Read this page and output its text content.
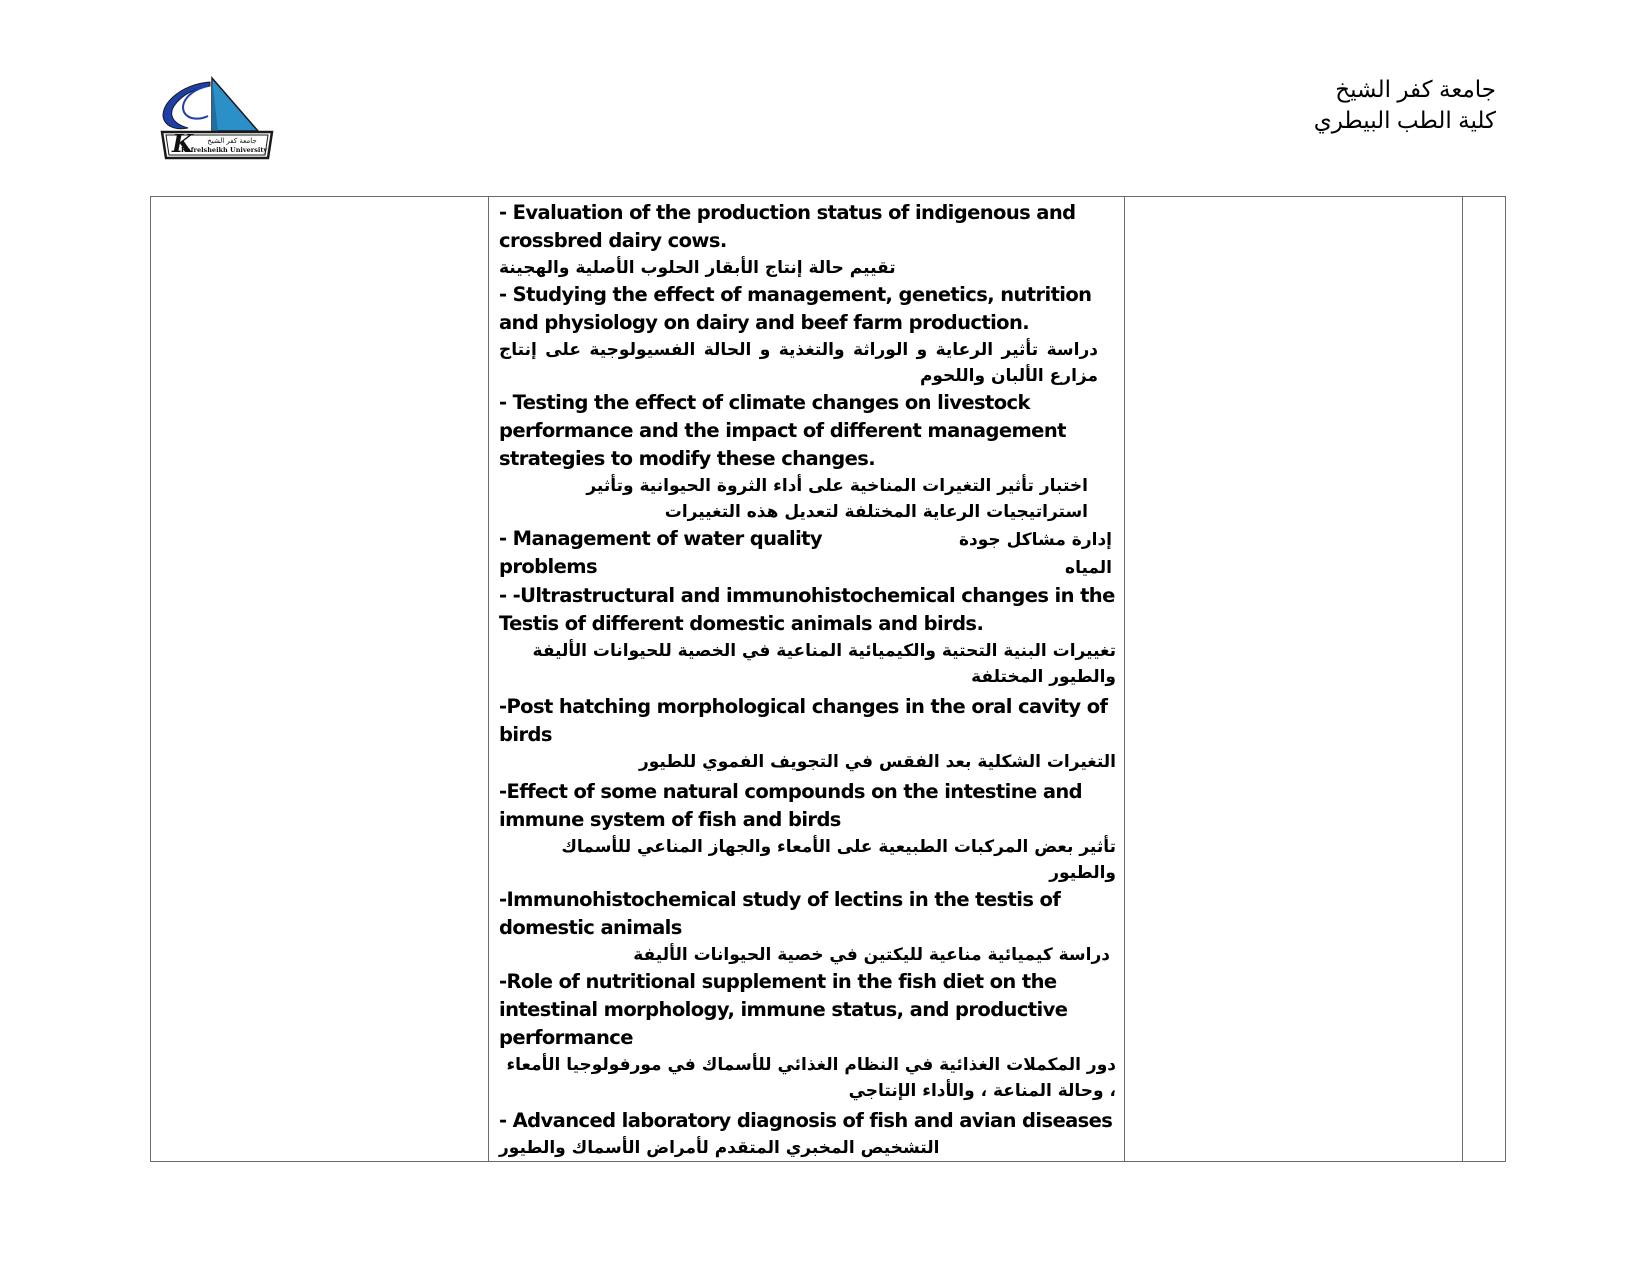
K جامعة كفر الشيخ
Kafrelsheikh University
جامعة كفر الشيخ
كلية الطب البيطري

- Evaluation of the production status of indigenous and crossbred dairy cows.

تقييم حالة إنتاج الأبقار الحلوب الأصلية والهجينة

- Studying the effect of management, genetics, nutrition and physiology on dairy and beef farm production.

دراسة تأثير الرعاية و الوراثة والتغذية و الحالة الفسيولوجية على إنتاج مزارع الألبان واللحوم

- Testing the effect of climate changes on livestock performance and the impact of different management strategies to modify these changes.

اختبار تأثير التغيرات المناخية على أداء الثروة الحيوانية وتأثير استراتيجيات الرعاية المختلفة لتعديل هذه التغييرات

- Management of water quality problems
إدارة مشاكل جودة المياه

- -Ultrastructural and immunohistochemical changes in the Testis of different domestic animals and birds.

تغييرات البنية التحتية والكيميائية المناعية في الخصية للحيوانات الأليفة والطيور المختلفة

-Post hatching morphological changes in the oral cavity of birds

التغيرات الشكلية بعد الفقس في التجويف الفموي للطيور

-Effect of some natural compounds on the intestine and immune system of fish and birds

تأثير بعض المركبات الطبيعية على الأمعاء والجهاز المناعي للأسماك والطيور

-Immunohistochemical study of lectins in the testis of domestic animals

دراسة كيميائية مناعية لليكتين في خصية الحيوانات الأليفة

-Role of nutritional supplement in the fish diet on the intestinal morphology, immune status, and productive performance

دور المكملات الغذائية في النظام الغذائي للأسماك في مورفولوجيا الأمعاء ، وحالة المناعة ، والأداء الإنتاجي

- Advanced laboratory diagnosis of fish and avian diseases

التشخيص المخبري المتقدم لأمراض الأسماك والطيور
